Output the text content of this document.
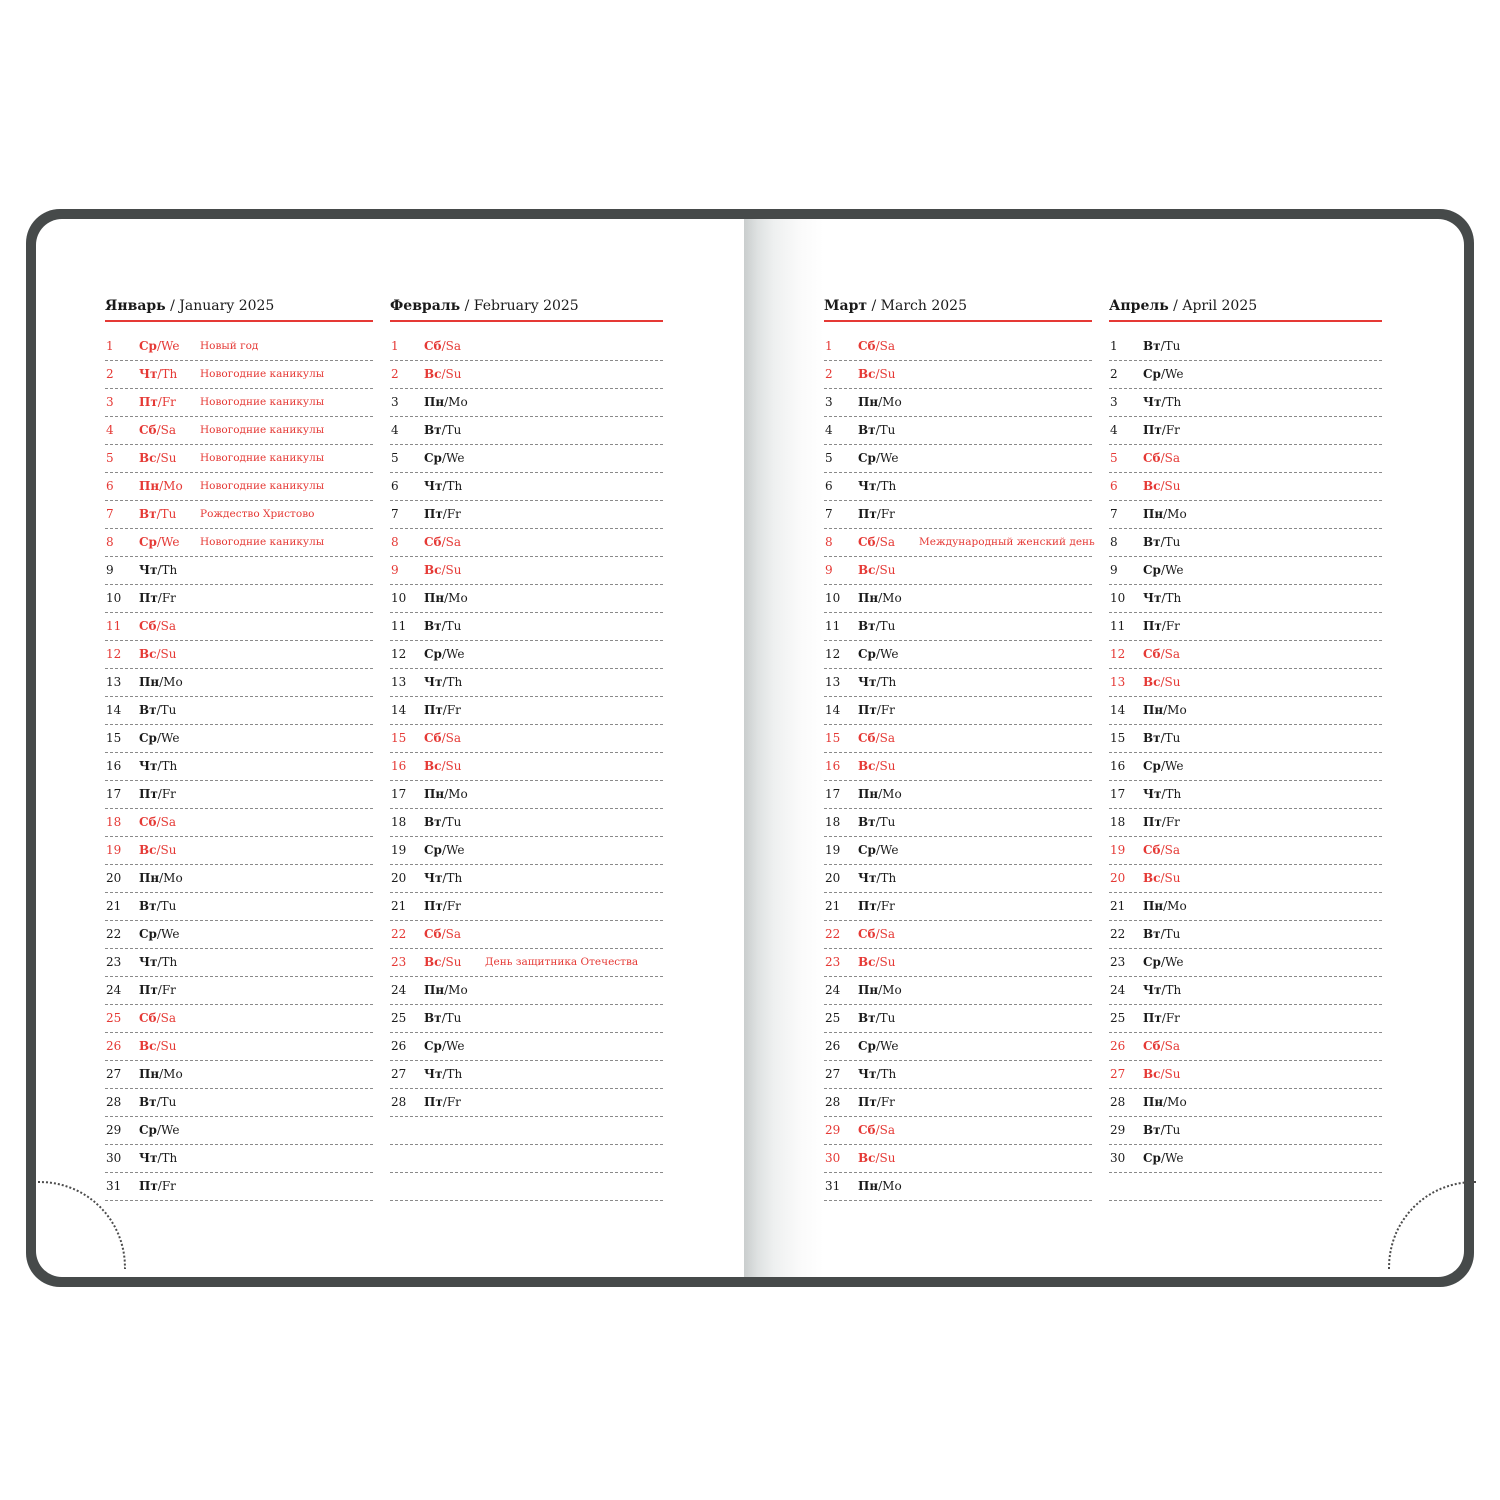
Январь / January 2025
1 Ср/We Новый год
2 Чт/Th Новогодние каникулы
3 Пт/Fr Новогодние каникулы
4 Сб/Sa Новогодние каникулы
5 Вс/Su Новогодние каникулы
6 Пн/Mo Новогодние каникулы
7 Вт/Tu Рождество Христово
8 Ср/We Новогодние каникулы
9 Чт/Th
10 Пт/Fr
11 Сб/Sa
12 Вс/Su
13 Пн/Mo
14 Вт/Tu
15 Ср/We
16 Чт/Th
17 Пт/Fr
18 Сб/Sa
19 Вс/Su
20 Пн/Mo
21 Вт/Tu
22 Ср/We
23 Чт/Th
24 Пт/Fr
25 Сб/Sa
26 Вс/Su
27 Пн/Mo
28 Вт/Tu
29 Ср/We
30 Чт/Th
31 Пт/Fr
Февраль / February 2025
1 Сб/Sa
2 Вс/Su
3 Пн/Mo
4 Вт/Tu
5 Ср/We
6 Чт/Th
7 Пт/Fr
8 Сб/Sa
9 Вс/Su
10 Пн/Mo
11 Вт/Tu
12 Ср/We
13 Чт/Th
14 Пт/Fr
15 Сб/Sa
16 Вс/Su
17 Пн/Mo
18 Вт/Tu
19 Ср/We
20 Чт/Th
21 Пт/Fr
22 Сб/Sa
23 Вс/Su День защитника Отечества
24 Пн/Mo
25 Вт/Tu
26 Ср/We
27 Чт/Th
28 Пт/Fr
Март / March 2025
1 Сб/Sa
2 Вс/Su
3 Пн/Mo
4 Вт/Tu
5 Ср/We
6 Чт/Th
7 Пт/Fr
8 Сб/Sa Международный женский день
9 Вс/Su
10 Пн/Mo
11 Вт/Tu
12 Ср/We
13 Чт/Th
14 Пт/Fr
15 Сб/Sa
16 Вс/Su
17 Пн/Mo
18 Вт/Tu
19 Ср/We
20 Чт/Th
21 Пт/Fr
22 Сб/Sa
23 Вс/Su
24 Пн/Mo
25 Вт/Tu
26 Ср/We
27 Чт/Th
28 Пт/Fr
29 Сб/Sa
30 Вс/Su
31 Пн/Mo
Апрель / April 2025
1 Вт/Tu
2 Ср/We
3 Чт/Th
4 Пт/Fr
5 Сб/Sa
6 Вс/Su
7 Пн/Mo
8 Вт/Tu
9 Ср/We
10 Чт/Th
11 Пт/Fr
12 Сб/Sa
13 Вс/Su
14 Пн/Mo
15 Вт/Tu
16 Ср/We
17 Чт/Th
18 Пт/Fr
19 Сб/Sa
20 Вс/Su
21 Пн/Mo
22 Вт/Tu
23 Ср/We
24 Чт/Th
25 Пт/Fr
26 Сб/Sa
27 Вс/Su
28 Пн/Mo
29 Вт/Tu
30 Ср/We
